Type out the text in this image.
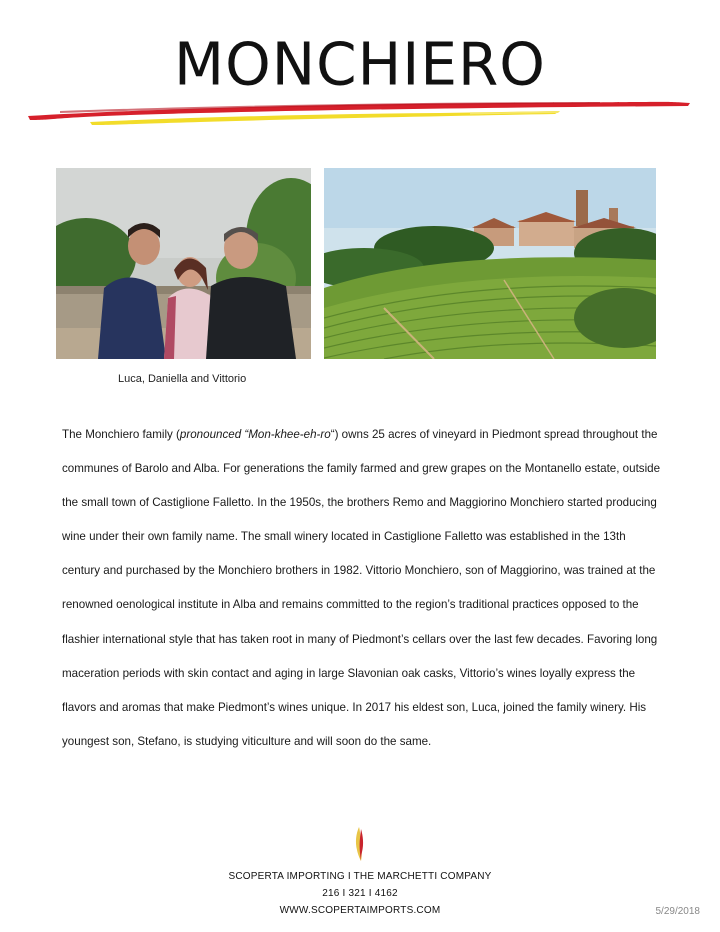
MONCHIERO
Luca, Daniella and Vittorio

The Monchiero family (pronounced “Mon-khee-eh-ro“) owns 25 acres of vineyard in Piedmont spread throughout the communes of Barolo and Alba. For generations the family farmed and grew grapes on the Montanello estate, outside the small town of Castiglione Falletto. In the 1950s, the brothers Remo and Maggiorino Monchiero started producing wine under their own family name. The small winery located in Castiglione Falletto was established in the 13th century and purchased by the Monchiero brothers in 1982. Vittorio Monchiero, son of Maggiorino, was trained at the renowned oenological institute in Alba and remains committed to the region’s traditional practices opposed to the flashier international style that has taken root in many of Piedmont’s cellars over the last few decades. Favoring long maceration periods with skin contact and aging in large Slavonian oak casks, Vittorio’s wines loyally express the flavors and aromas that make Piedmont’s wines unique. In 2017 his eldest son, Luca, joined the family winery. His youngest son, Stefano, is studying viticulture and will soon do the same.

SCOPERTA IMPORTING I THE MARCHETTI COMPANY
216 I 321 I 4162
WWW.SCOPERTAIMPORTS.COM	5/29/2018
